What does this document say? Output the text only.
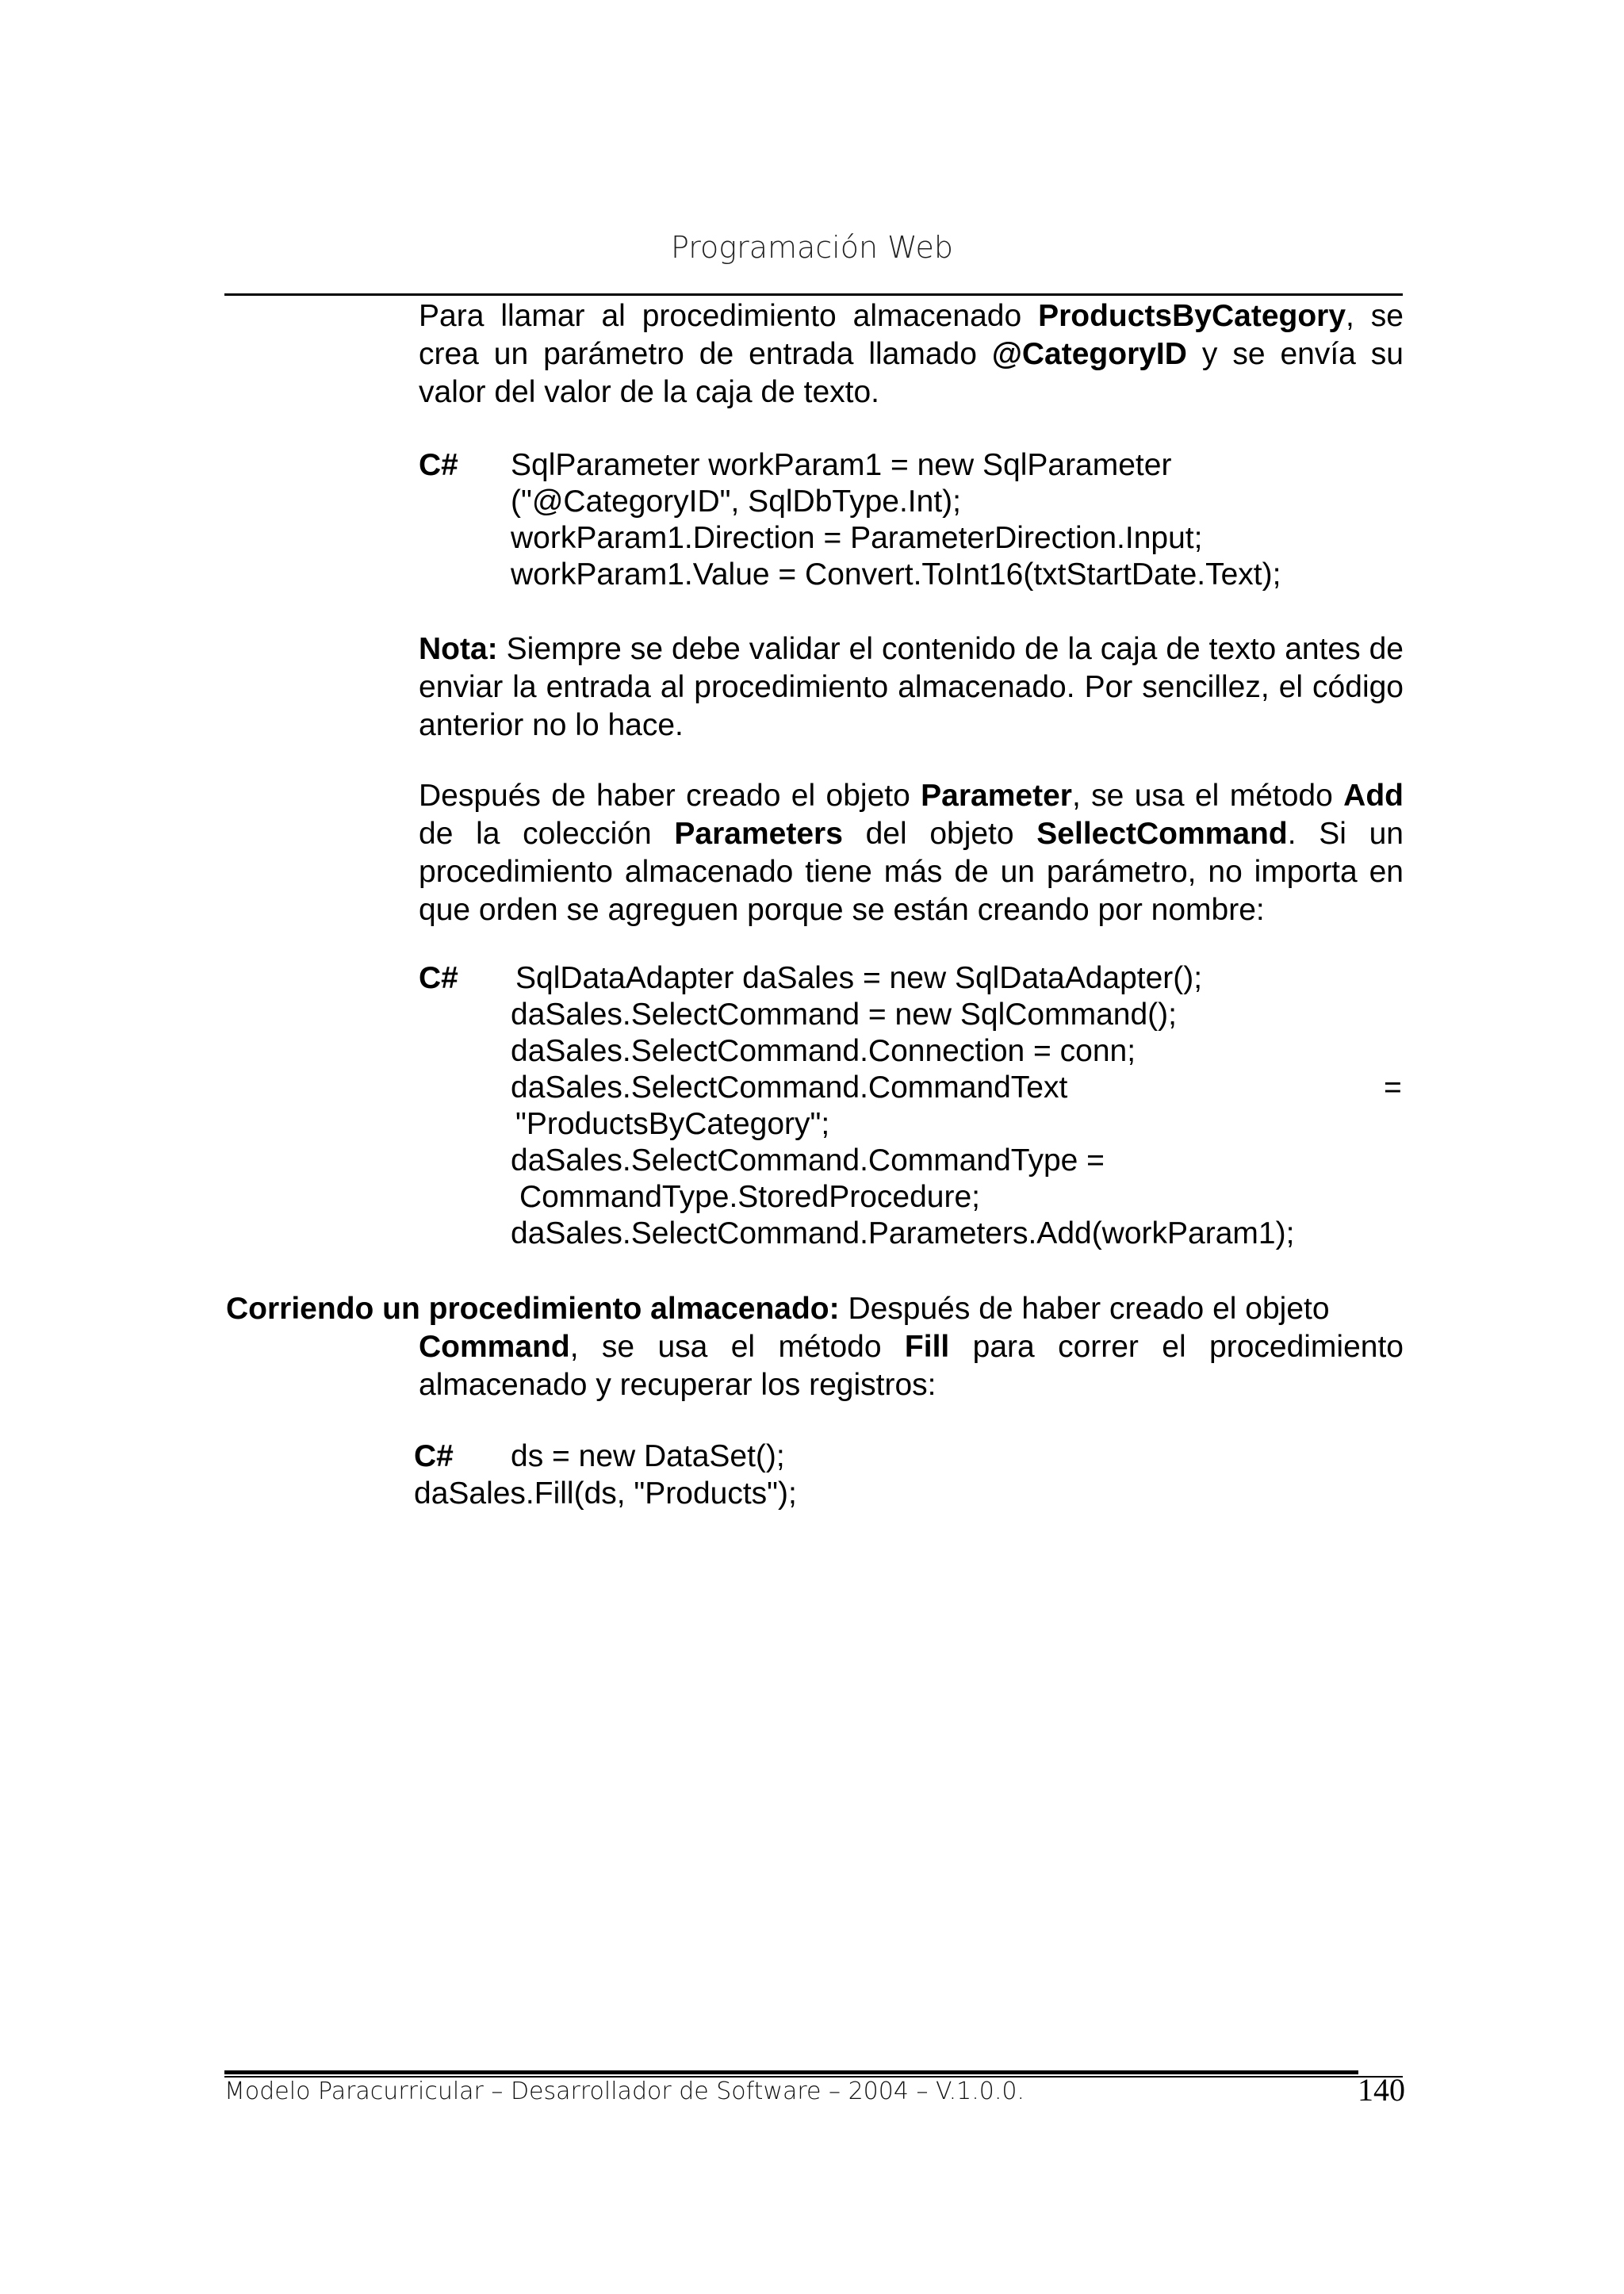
Programación Web
Para llamar al procedimiento almacenado ProductsByCategory, se crea un parámetro de entrada llamado @CategoryID y se envía su valor del valor de la caja de texto.
C# SqlParameter workParam1 = new SqlParameter
("@CategoryID", SqlDbType.Int);
workParam1.Direction = ParameterDirection.Input;
workParam1.Value = Convert.ToInt16(txtStartDate.Text);
Nota: Siempre se debe validar el contenido de la caja de texto antes de enviar la entrada al procedimiento almacenado. Por sencillez, el código anterior no lo hace.
Después de haber creado el objeto Parameter, se usa el método Add de la colección Parameters del objeto SellectCommand. Si un procedimiento almacenado tiene más de un parámetro, no importa en que orden se agreguen porque se están creando por nombre:
C# SqlDataAdapter daSales = new SqlDataAdapter();
daSales.SelectCommand = new SqlCommand();
daSales.SelectCommand.Connection = conn;
daSales.SelectCommand.CommandText	=
"ProductsByCategory";
daSales.SelectCommand.CommandType =
CommandType.StoredProcedure;
daSales.SelectCommand.Parameters.Add(workParam1);
Corriendo un procedimiento almacenado: Después de haber creado el objeto
Command, se usa el método Fill para correr el procedimiento almacenado y recuperar los registros:
C# ds = new DataSet();
daSales.Fill(ds, "Products");
Modelo Paracurricular – Desarrollador de Software – 2004 – V.1.0.0.	140
